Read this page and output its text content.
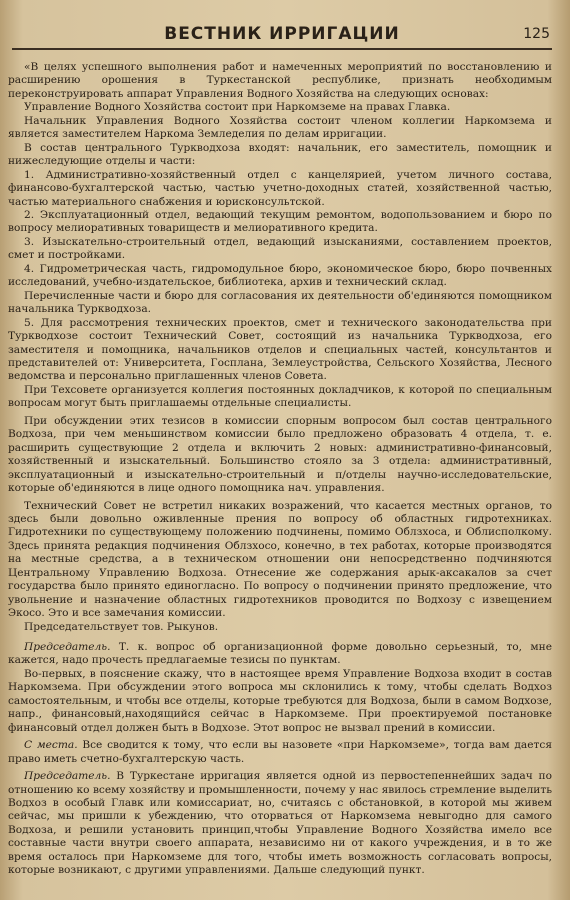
ВЕСТНИК ИРРИГАЦИИ	125

«В целях успешного выполнения работ и намеченных мероприятий по восстановлению и расширению орошения в Туркестанской республике, признать необходимым переконструировать аппарат Управления Водного Хозяйства на следующих основах:

Управление Водного Хозяйства состоит при Наркомземе на правах Главка.

Начальник Управления Водного Хозяйства состоит членом коллегии Наркомзема и является заместителем Наркома Земледелия по делам ирригации.

В состав центрального Туркводхоза входят: начальник, его заместитель, помощник и нижеследующие отделы и части:

1. Административно-хозяйственный отдел с канцелярией, учетом личного состава, финансово-бухгалтерской частью, частью учетно-доходных статей, хозяйственной частью, частью материального снабжения и юрисконсультской.

2. Эксплуатационный отдел, ведающий текущим ремонтом, водопользованием и бюро по вопросу мелиоративных товариществ и мелиоративного кредита.

3. Изыскательно-строительный отдел, ведающий изысканиями, составлением проектов, смет и постройками.

4. Гидрометрическая часть, гидромодульное бюро, экономическое бюро, бюро почвенных исследований, учебно-издательское, библиотека, архив и технический склад.

Перечисленные части и бюро для согласования их деятельности об'единяются помощником начальника Туркводхоза.

5. Для рассмотрения технических проектов, смет и технического законодательства при Туркводхозе состоит Технический Совет, состоящий из начальника Туркводхоза, его заместителя и помощника, начальников отделов и специальных частей, консультантов и представителей от: Университета, Госплана, Землеустройства, Сельского Хозяйства, Лесного ведомства и персонально приглашенных членов Совета.

При Техсовете организуется коллегия постоянных докладчиков, к которой по специальным вопросам могут быть приглашаемы отдельные специалисты.

При обсуждении этих тезисов в комиссии спорным вопросом был состав центрального Водхоза, при чем меньшинством комиссии было предложено образовать 4 отдела, т. е. расширить существующие 2 отдела и включить 2 новых: административно-финансовый, хозяйственный и изыскательный. Большинство стояло за 3 отдела: административный, эксплуатационный и изыскательно-строительный и п/отделы научно-исследовательские, которые об'единяются в лице одного помощника нач. управления.

Технический Совет не встретил никаких возражений, что касается местных органов, то здесь были довольно оживленные прения по вопросу об областных гидротехниках. Гидротехники по существующему положению подчинены, помимо Облзхоса, и Облисполкому. Здесь принята редакция подчинения Облзхосо, конечно, в тех работах, которые производятся на местные средства, а в техническом отношении они непосредственно подчиняются Центральному Управлению Водхоза. Отнесение же содержания арык-аксакалов за счет государства было принято единогласно. По вопросу о подчинении принято предложение, что увольнение и назначение областных гидротехников проводится по Водхозу с извещением Экосо. Это и все замечания комиссии.

Председательствует тов. Рыкунов.

Председатель. Т. к. вопрос об организационной форме довольно серьезный, то, мне кажется, надо прочесть предлагаемые тезисы по пунктам.

Во-первых, в пояснение скажу, что в настоящее время Управление Водхоза входит в состав Наркомзема. При обсуждении этого вопроса мы склонились к тому, чтобы сделать Водхоз самостоятельным, и чтобы все отделы, которые требуются для Водхоза, были в самом Водхозе, напр., финансовый,находящийся сейчас в Наркомземе. При проектируемой постановке финансовый отдел должен быть в Водхозе. Этот вопрос не вызвал прений в комиссии.

С места. Все сводится к тому, что если вы назовете «при Наркомземе», тогда вам дается право иметь счетно-бухгалтерскую часть.

Председатель. В Туркестане ирригация является одной из первостепеннейших задач по отношению ко всему хозяйству и промышленности, почему у нас явилось стремление выделить Водхоз в особый Главк или комиссариат, но, считаясь с обстановкой, в которой мы живем сейчас, мы пришли к убеждению, что оторваться от Наркомзема невыгодно для самого Водхоза, и решили установить принцип,чтобы Управление Водного Хозяйства имело все составные части внутри своего аппарата, независимо ни от какого учреждения, и в то же время осталось при Наркомземе для того, чтобы иметь возможность согласовать вопросы, которые возникают, с другими управлениями. Дальше следующий пункт.
